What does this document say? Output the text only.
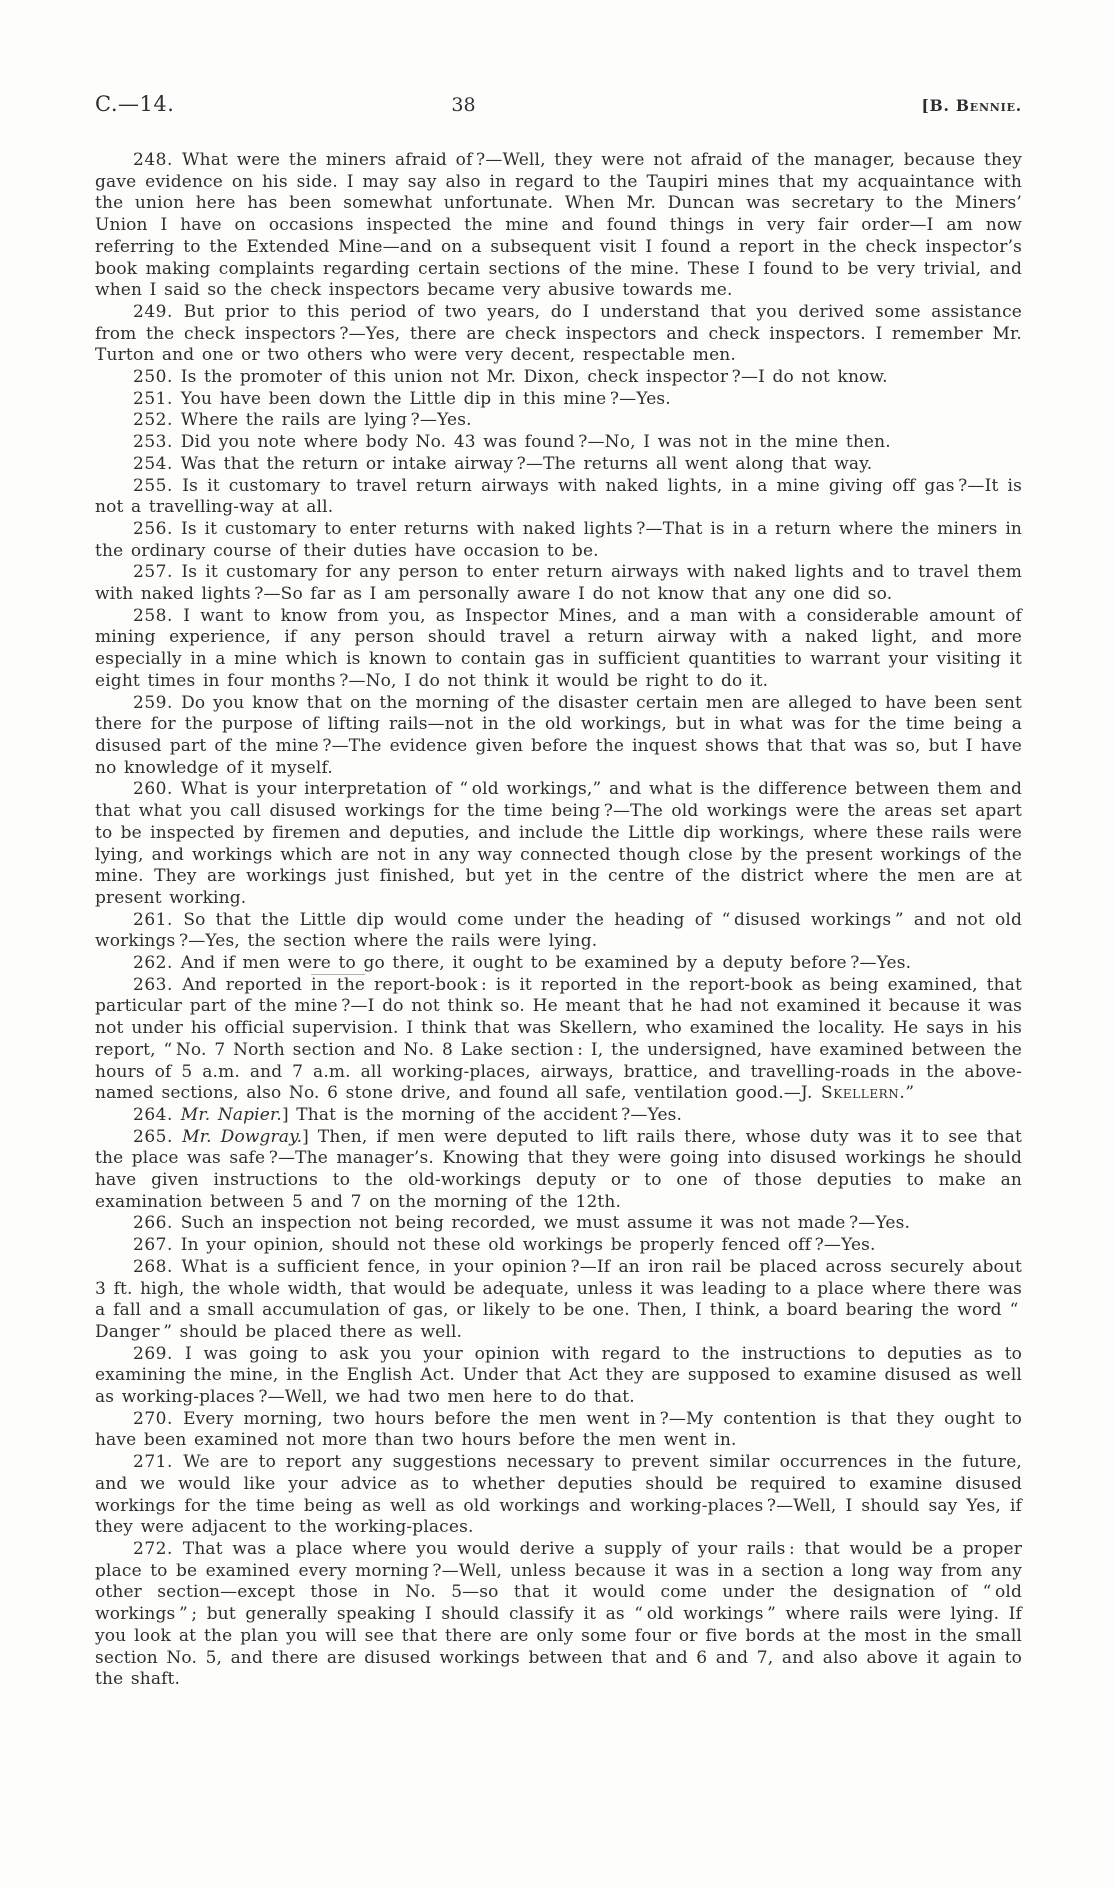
C.—14.	38	[B. Bennie.

248. What were the miners afraid of ?—Well, they were not afraid of the manager, because they gave evidence on his side. I may say also in regard to the Taupiri mines that my acquaintance with the union here has been somewhat unfortunate. When Mr. Duncan was secretary to the Miners’ Union I have on occasions inspected the mine and found things in very fair order—I am now referring to the Extended Mine—and on a subsequent visit I found a report in the check inspector’s book making complaints regarding certain sections of the mine. These I found to be very trivial, and when I said so the check inspectors became very abusive towards me.

249. But prior to this period of two years, do I understand that you derived some assistance from the check inspectors ?—Yes, there are check inspectors and check inspectors. I remember Mr. Turton and one or two others who were very decent, respectable men.

250. Is the promoter of this union not Mr. Dixon, check inspector ?—I do not know.

251. You have been down the Little dip in this mine ?—Yes.

252. Where the rails are lying ?—Yes.

253. Did you note where body No. 43 was found ?—No, I was not in the mine then.

254. Was that the return or intake airway ?—The returns all went along that way.

255. Is it customary to travel return airways with naked lights, in a mine giving off gas ?—It is not a travelling-way at all.

256. Is it customary to enter returns with naked lights ?—That is in a return where the miners in the ordinary course of their duties have occasion to be.

257. Is it customary for any person to enter return airways with naked lights and to travel them with naked lights ?—So far as I am personally aware I do not know that any one did so.

258. I want to know from you, as Inspector Mines, and a man with a considerable amount of mining experience, if any person should travel a return airway with a naked light, and more especially in a mine which is known to contain gas in sufficient quantities to warrant your visiting it eight times in four months ?—No, I do not think it would be right to do it.

259. Do you know that on the morning of the disaster certain men are alleged to have been sent there for the purpose of lifting rails—not in the old workings, but in what was for the time being a disused part of the mine ?—The evidence given before the inquest shows that that was so, but I have no knowledge of it myself.

260. What is your interpretation of “ old workings,” and what is the difference between them and that what you call disused workings for the time being ?—The old workings were the areas set apart to be inspected by firemen and deputies, and include the Little dip workings, where these rails were lying, and workings which are not in any way connected though close by the present workings of the mine. They are workings just finished, but yet in the centre of the district where the men are at present working.

261. So that the Little dip would come under the heading of “ disused workings ” and not old workings ?—Yes, the section where the rails were lying.

262. And if men were to go there, it ought to be examined by a deputy before ?—Yes.

263. And reported in the report-book : is it reported in the report-book as being examined, that particular part of the mine ?—I do not think so. He meant that he had not examined it because it was not under his official supervision. I think that was Skellern, who examined the locality. He says in his report, “ No. 7 North section and No. 8 Lake section : I, the undersigned, have examined between the hours of 5 a.m. and 7 a.m. all working-places, airways, brattice, and travelling-roads in the above-named sections, also No. 6 stone drive, and found all safe, ventilation good.—J. Skellern.”

264. Mr. Napier.] That is the morning of the accident ?—Yes.

265. Mr. Dowgray.] Then, if men were deputed to lift rails there, whose duty was it to see that the place was safe ?—The manager’s. Knowing that they were going into disused workings he should have given instructions to the old-workings deputy or to one of those deputies to make an examination between 5 and 7 on the morning of the 12th.

266. Such an inspection not being recorded, we must assume it was not made ?—Yes.

267. In your opinion, should not these old workings be properly fenced off ?—Yes.

268. What is a sufficient fence, in your opinion ?—If an iron rail be placed across securely about 3 ft. high, the whole width, that would be adequate, unless it was leading to a place where there was a fall and a small accumulation of gas, or likely to be one. Then, I think, a board bearing the word “ Danger ” should be placed there as well.

269. I was going to ask you your opinion with regard to the instructions to deputies as to examining the mine, in the English Act. Under that Act they are supposed to examine disused as well as working-places ?—Well, we had two men here to do that.

270. Every morning, two hours before the men went in ?—My contention is that they ought to have been examined not more than two hours before the men went in.

271. We are to report any suggestions necessary to prevent similar occurrences in the future, and we would like your advice as to whether deputies should be required to examine disused workings for the time being as well as old workings and working-places ?—Well, I should say Yes, if they were adjacent to the working-places.

272. That was a place where you would derive a supply of your rails : that would be a proper place to be examined every morning ?—Well, unless because it was in a section a long way from any other section—except those in No. 5—so that it would come under the designation of “ old workings ” ; but generally speaking I should classify it as “ old workings ” where rails were lying. If you look at the plan you will see that there are only some four or five bords at the most in the small section No. 5, and there are disused workings between that and 6 and 7, and also above it again to the shaft.
